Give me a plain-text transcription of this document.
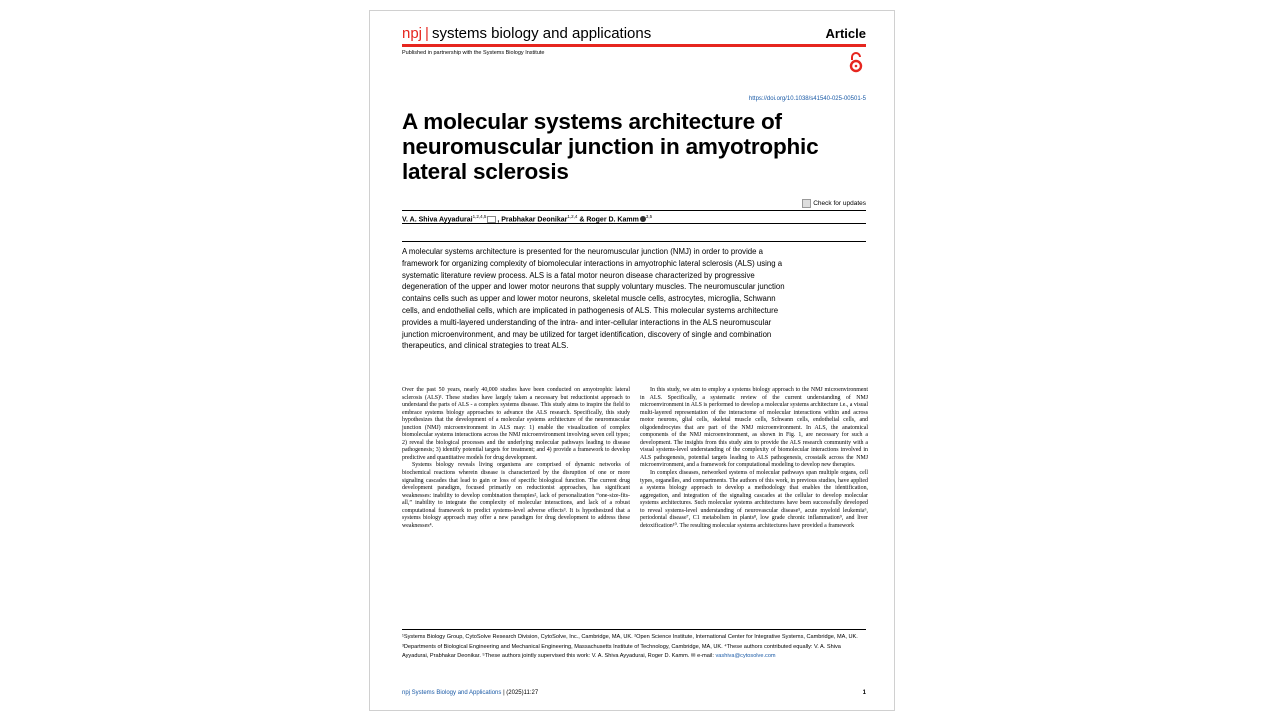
npj | systems biology and applications	Article
Published in partnership with the Systems Biology Institute
https://doi.org/10.1038/s41540-025-00501-5
A molecular systems architecture of neuromuscular junction in amyotrophic lateral sclerosis
Check for updates
V. A. Shiva Ayyadurai$^{1,2,4,5}$ , Prabhakar Deonikar$^{1,2,4}$ & Roger D. Kamm $^{3,5}$
A molecular systems architecture is presented for the neuromuscular junction (NMJ) in order to provide a framework for organizing complexity of biomolecular interactions in amyotrophic lateral sclerosis (ALS) using a systematic literature review process. ALS is a fatal motor neuron disease characterized by progressive degeneration of the upper and lower motor neurons that supply voluntary muscles. The neuromuscular junction contains cells such as upper and lower motor neurons, skeletal muscle cells, astrocytes, microglia, Schwann cells, and endothelial cells, which are implicated in pathogenesis of ALS. This molecular systems architecture provides a multi-layered understanding of the intra- and inter-cellular interactions in the ALS neuromuscular junction microenvironment, and may be utilized for target identification, discovery of single and combination therapeutics, and clinical strategies to treat ALS.

Over the past 50 years, nearly 40,000 studies have been conducted on amyotrophic lateral sclerosis (ALS)¹. These studies have largely taken a necessary but reductionist approach to understand the parts of ALS - a complex systems disease. This study aims to inspire the field to embrace systems biology approaches to advance the ALS research. Specifically, this study hypothesizes that the development of a molecular systems architecture of the neuromuscular junction (NMJ) microenvironment in ALS may: 1) enable the visualization of complex biomolecular systems interactions across the NMJ microenvironment involving seven cell types; 2) reveal the biological processes and the underlying molecular pathways leading to disease pathogenesis; 3) identify potential targets for treatment; and 4) provide a framework to develop predictive and quantitative models for drug development.

Systems biology reveals living organisms are comprised of dynamic networks of biochemical reactions wherein disease is characterized by the disruption of one or more signaling cascades that lead to gain or loss of specific biological function. The current drug development paradigm, focused primarily on reductionist approaches, has significant weaknesses: inability to develop combination therapies², lack of personalization “one-size-fits-all,” inability to integrate the complexity of molecular interactions, and lack of a robust computational framework to predict systems-level adverse effects³. It is hypothesized that a systems biology approach may offer a new paradigm for drug development to address these weaknesses⁴.

In this study, we aim to employ a systems biology approach to the NMJ microenvironment in ALS. Specifically, a systematic review of the current understanding of NMJ microenvironment in ALS is performed to develop a molecular systems architecture i.e., a visual multi-layered representation of the interactome of molecular interactions within and across motor neurons, glial cells, skeletal muscle cells, Schwann cells, endothelial cells, and oligodendrocytes that are part of the NMJ microenvironment. In ALS, the anatomical components of the NMJ microenvironment, as shown in Fig. 1, are necessary for such a development. The insights from this study aim to provide the ALS research community with a visual systems-level understanding of the complexity of biomolecular interactions involved in ALS pathogenesis, potential targets leading to ALS pathogenesis, crosstalk across the NMJ microenvironment, and a framework for computational modeling to develop new therapies.

In complex diseases, networked systems of molecular pathways span multiple organs, cell types, organelles, and compartments. The authors of this work, in previous studies, have applied a systems biology approach to develop a methodology that enables the identification, aggregation, and integration of the signaling cascades at the cellular to develop molecular systems architectures. Such molecular systems architectures have been successfully developed to reveal systems-level understanding of neurovascular disease⁵, acute myeloid leukemia⁶, periodontal disease⁷, C1 metabolism in plants⁸, low grade chronic inflammation⁹, and liver detoxification¹⁰. The resulting molecular systems architectures have provided a framework

¹Systems Biology Group, CytoSolve Research Division, CytoSolve, Inc., Cambridge, MA, UK. ²Open Science Institute, International Center for Integrative Systems, Cambridge, MA, UK. ³Departments of Biological Engineering and Mechanical Engineering, Massachusetts Institute of Technology, Cambridge, MA, UK. ⁴These authors contributed equally: V. A. Shiva Ayyadurai, Prabhakar Deonikar. ⁵These authors jointly supervised this work: V. A. Shiva Ayyadurai, Roger D. Kamm. ✉ e-mail: vashiva@cytosolve.com
npj Systems Biology and Applications | (2025)11:27	1
